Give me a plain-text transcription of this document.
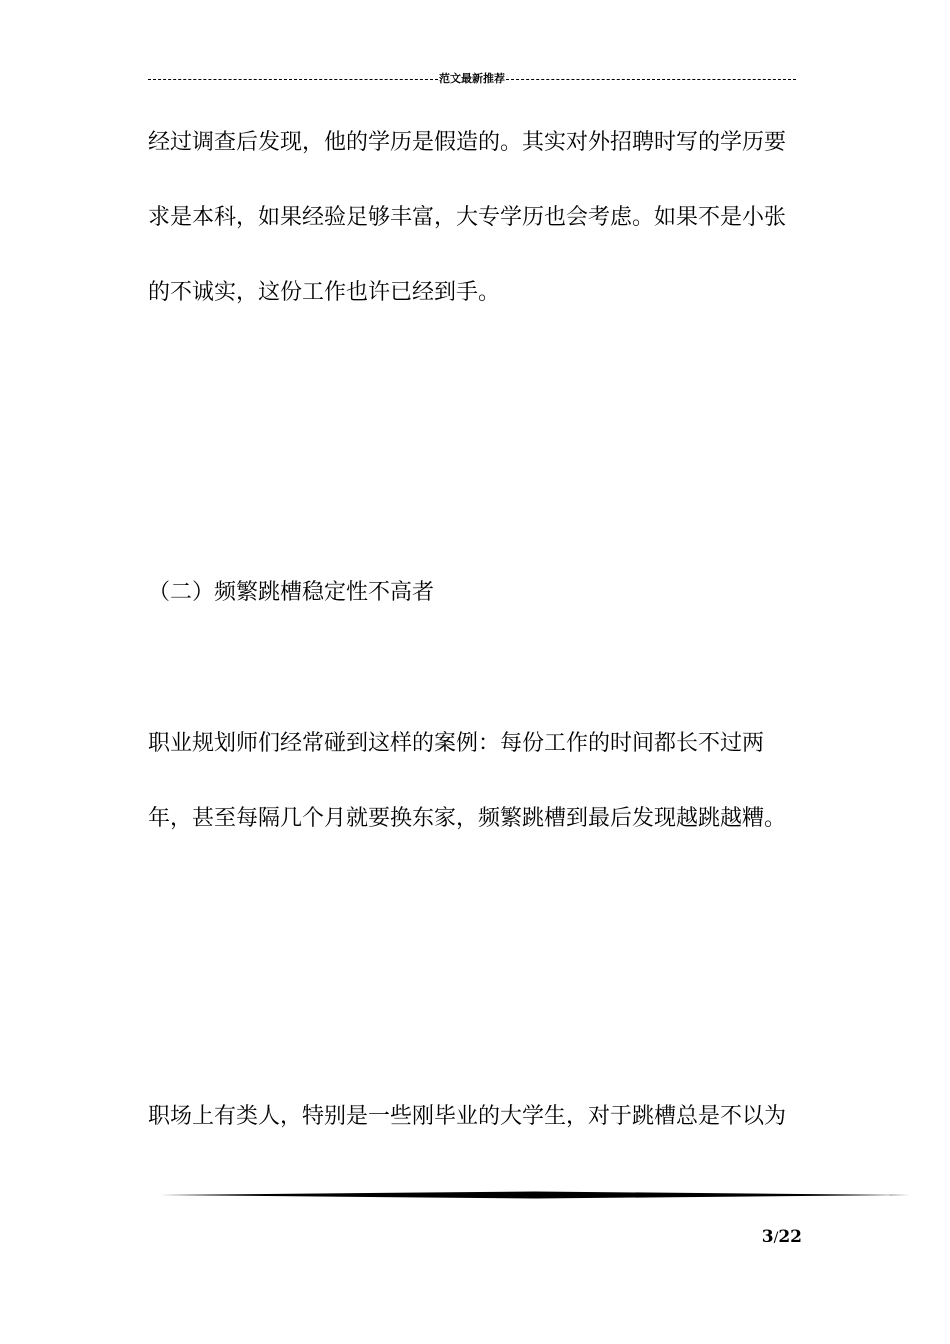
范文最新推荐
经过调查后发现，他的学历是假造的。其实对外招聘时写的学历要
求是本科，如果经验足够丰富，大专学历也会考虑。如果不是小张
的不诚实，这份工作也许已经到手。
（二）频繁跳槽稳定性不高者
职业规划师们经常碰到这样的案例：每份工作的时间都长不过两
年，甚至每隔几个月就要换东家，频繁跳槽到最后发现越跳越糟。
职场上有类人，特别是一些刚毕业的大学生，对于跳槽总是不以为
3/22
